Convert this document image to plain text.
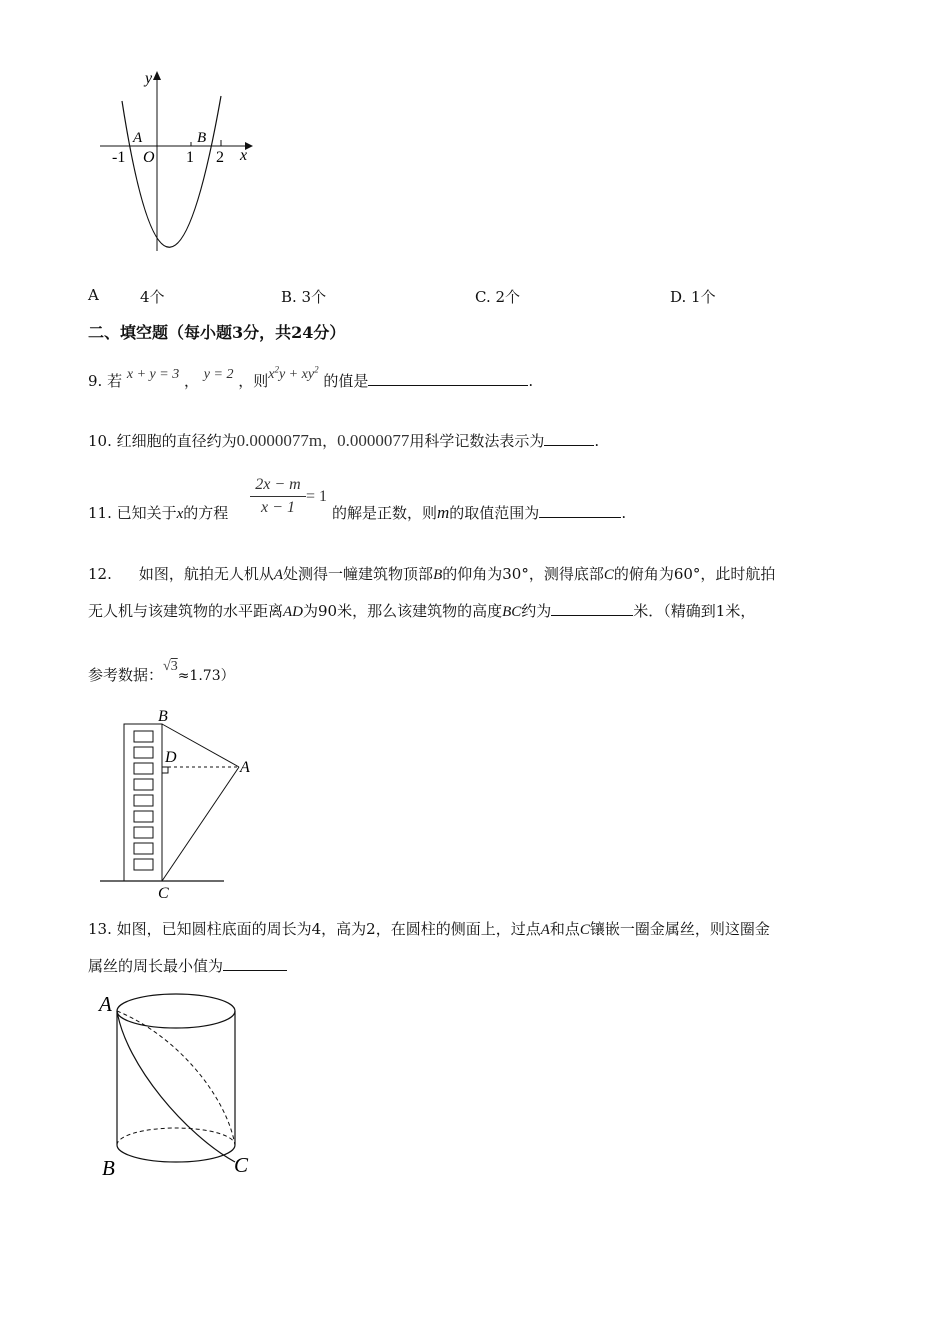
y
x
A	B
O
-1	1 2
A	4个	B. 3个	C. 2个	D. 1个
二、填空题（每小题3分，共24分）
9. 若 x + y = 3 ， y = 2 ，则$x^2y + xy^2$ 的值是	.
10. 红细胞的直径约为0.0000077m，0.0000077用科学记数法表示为	.
11. 已知关于x的方程 $\frac{2x - m}{x - 1} = 1$
的解是正数，则m的取值范围为	.
12. 如图，航拍无人机从A处测得一幢建筑物顶部B的仰角为30°，测得底部C的俯角为60°，此时航拍
无人机与该建筑物的水平距离AD为90米，那么该建筑物的高度BC约为	米．（精确到1米，
参考数据：√3≈1.73）
B
D
A
C
13. 如图，已知圆柱底面的周长为4，高为2，在圆柱的侧面上，过点A和点C镶嵌一圈金属丝，则这圈金
属丝的周长最小值为
A
B	C
